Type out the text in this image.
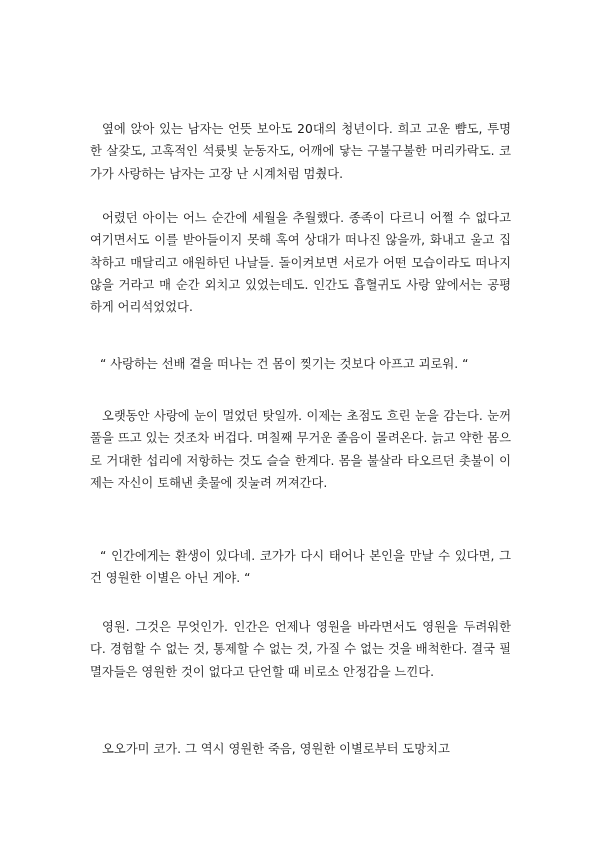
옆에 앉아 있는 남자는 언뜻 보아도 20대의 청년이다. 희고 고운 뺨도, 투명한 살갗도, 고혹적인 석륫빛 눈동자도, 어깨에 닿는 구불구불한 머리카락도. 코가가 사랑하는 남자는 고장 난 시계처럼 멈췄다.

어렸던 아이는 어느 순간에 세월을 추월했다. 종족이 다르니 어쩔 수 없다고 여기면서도 이를 받아들이지 못해 혹여 상대가 떠나진 않을까, 화내고 울고 집착하고 매달리고 애원하던 나날들. 돌이켜보면 서로가 어떤 모습이라도 떠나지 않을 거라고 매 순간 외치고 있었는데도. 인간도 흡혈귀도 사랑 앞에서는 공평하게 어리석었었다.

“ 사랑하는 선배 곁을 떠나는 건 몸이 찢기는 것보다 아프고 괴로워. “

오랫동안 사랑에 눈이 멀었던 탓일까. 이제는 초점도 흐린 눈을 감는다. 눈꺼풀을 뜨고 있는 것조차 버겁다. 며칠째 무거운 졸음이 몰려온다. 늙고 약한 몸으로 거대한 섭리에 저항하는 것도 슬슬 한계다. 몸을 불살라 타오르던 촛불이 이제는 자신이 토해낸 촛물에 짓눌려 꺼져간다.

“ 인간에게는 환생이 있다네. 코가가 다시 태어나 본인을 만날 수 있다면, 그건 영원한 이별은 아닌 게야. “

영원. 그것은 무엇인가. 인간은 언제나 영원을 바라면서도 영원을 두려워한다. 경험할 수 없는 것, 통제할 수 없는 것, 가질 수 없는 것을 배척한다. 결국 필멸자들은 영원한 것이 없다고 단언할 때 비로소 안정감을 느낀다.

오오가미 코가. 그 역시 영원한 죽음, 영원한 이별로부터 도망치고
